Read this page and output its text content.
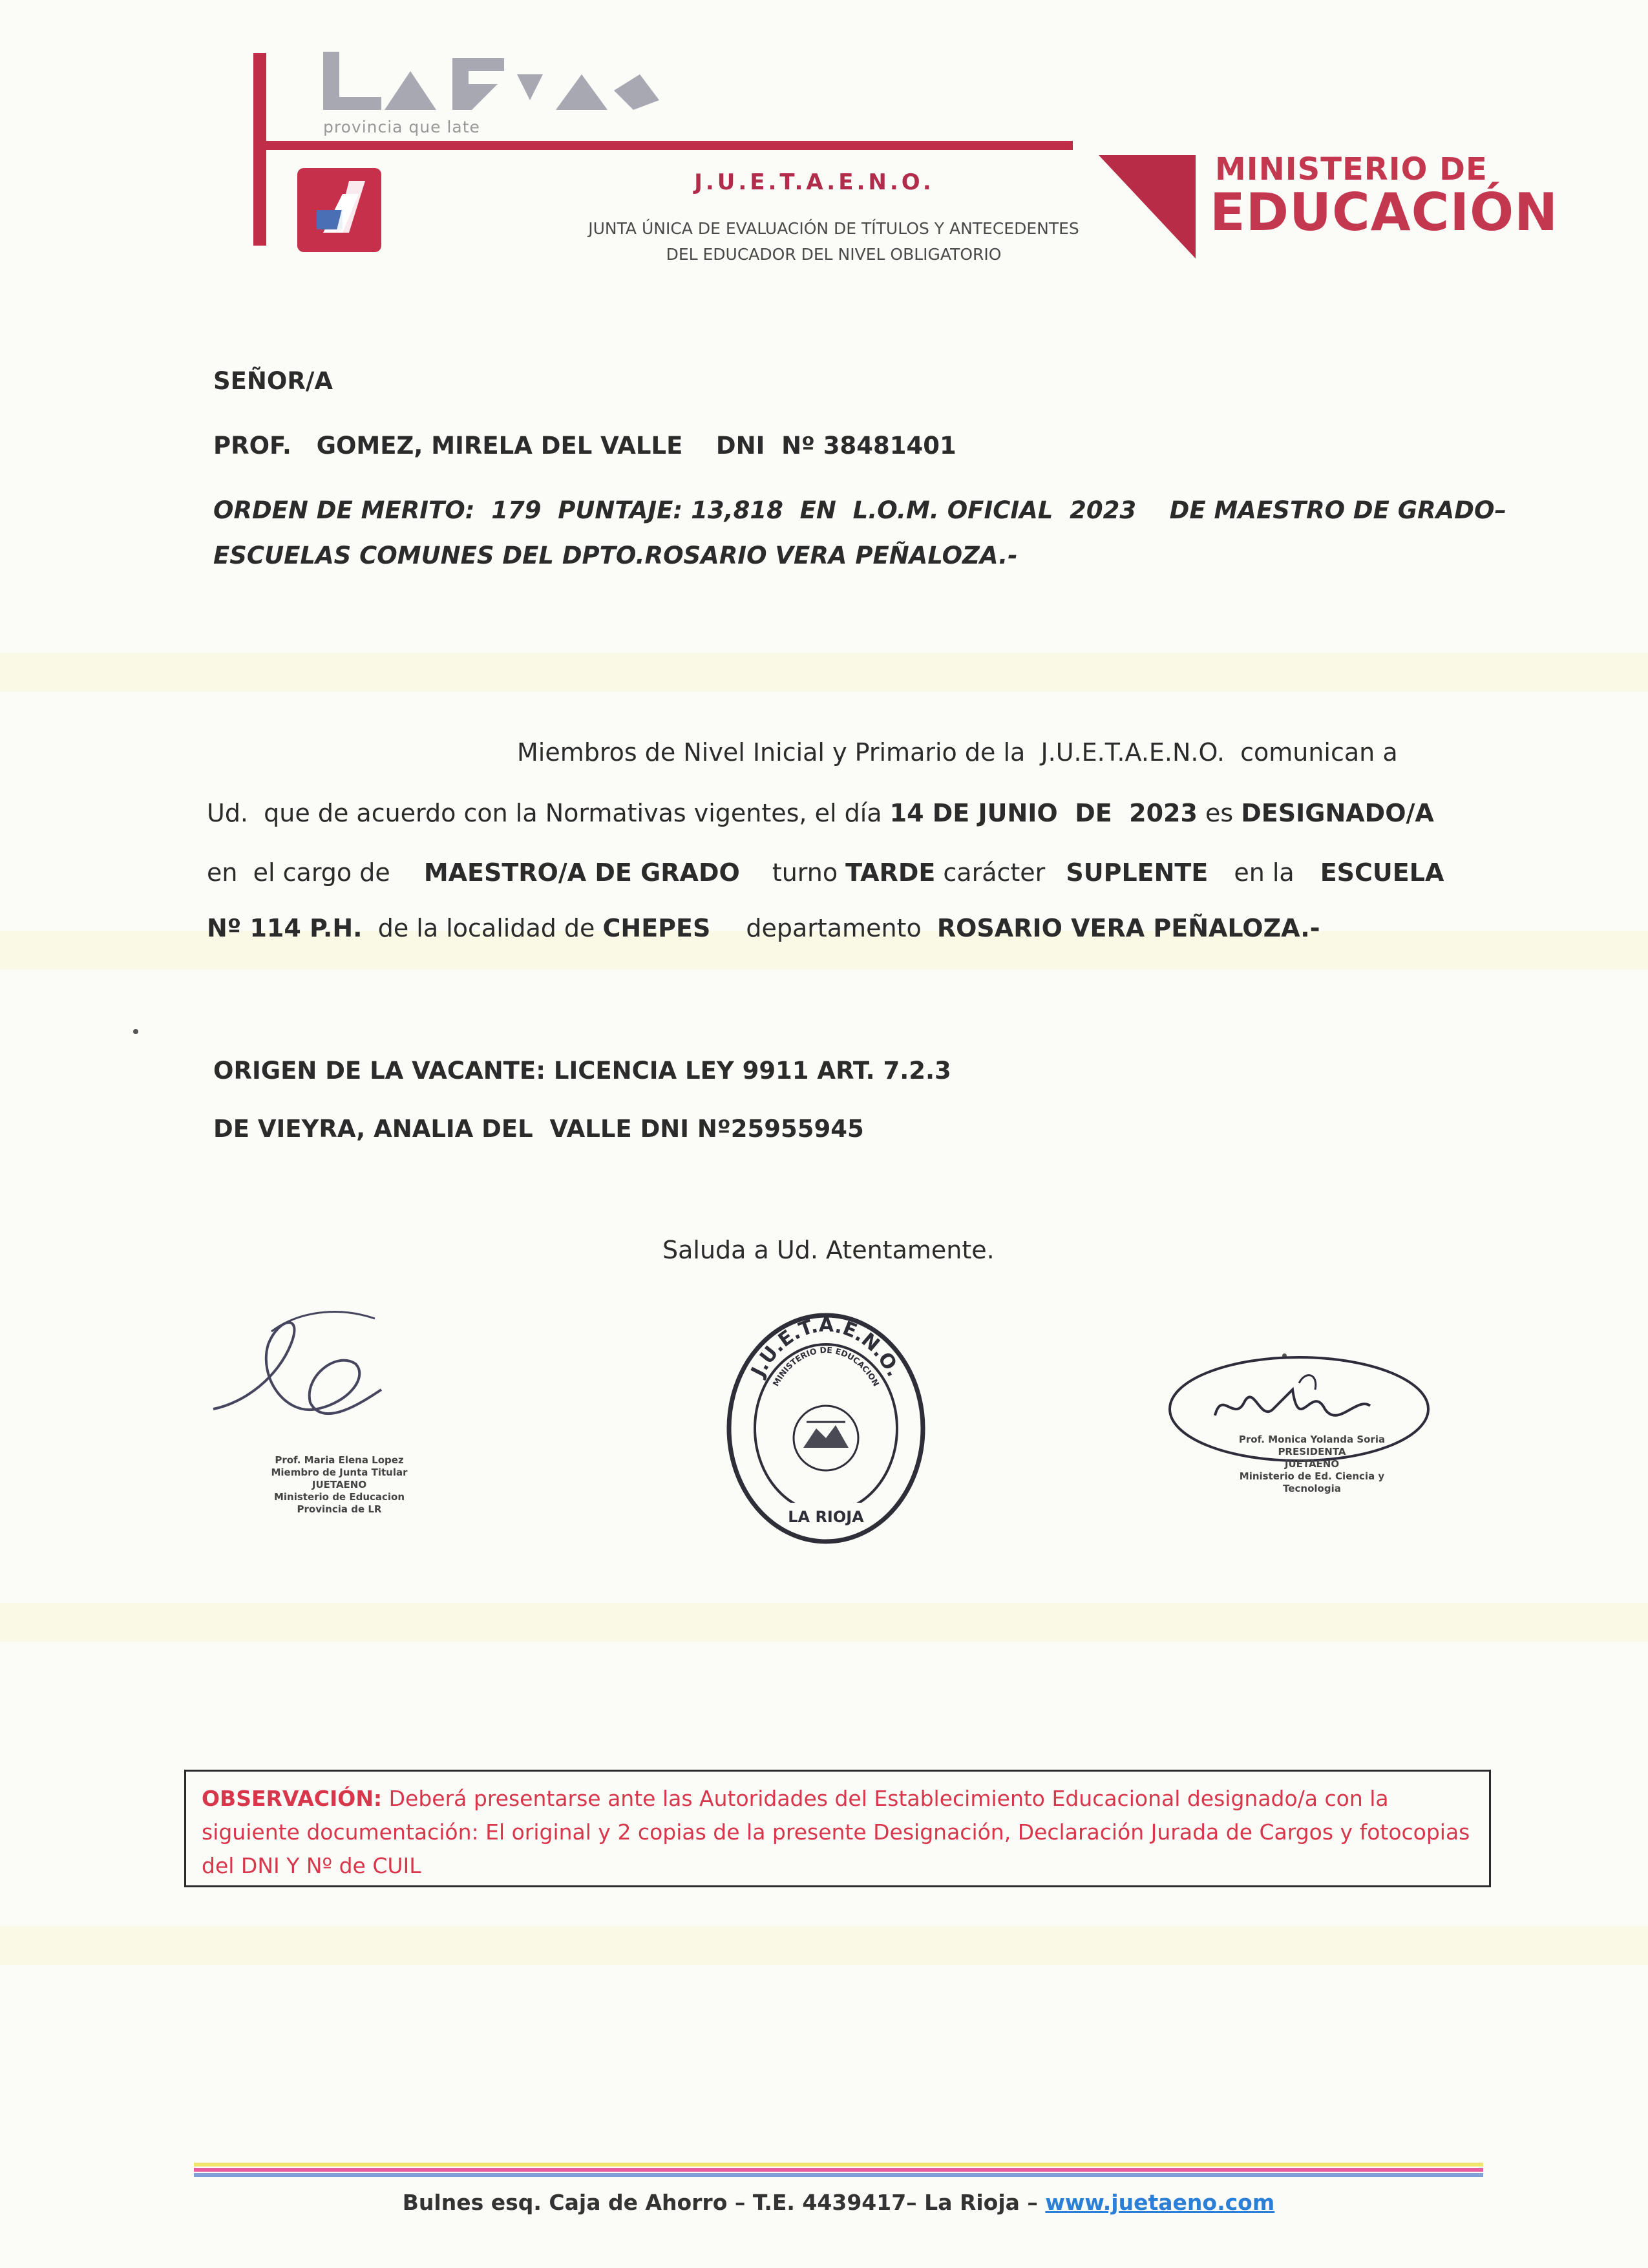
provincia que late
J.U.E.T.A.E.N.O.
JUNTA ÚNICA DE EVALUACIÓN DE TÍTULOS Y ANTECEDENTES
DEL EDUCADOR DEL NIVEL OBLIGATORIO
MINISTERIO DE
EDUCACIÓN
SEÑOR/A
PROF.   GOMEZ, MIRELA DEL VALLE    DNI  Nº 38481401
ORDEN DE MERITO:  179  PUNTAJE: 13,818  EN  L.O.M. OFICIAL  2023    DE MAESTRO DE GRADO–
ESCUELAS COMUNES DEL DPTO.ROSARIO VERA PEÑALOZA.-
Miembros de Nivel Inicial y Primario de la  J.U.E.T.A.E.N.O.  comunican a
Ud.  que de acuerdo con la Normativas vigentes, el día 14 DE JUNIO  DE  2023 es DESIGNADO/A
en  el cargo de MAESTRO/A DE GRADO turno TARDE carácter SUPLENTE en la ESCUELA
Nº 114 P.H.  de la localidad de CHEPES departamento  ROSARIO VERA PEÑALOZA.-
ORIGEN DE LA VACANTE: LICENCIA LEY 9911 ART. 7.2.3
DE VIEYRA, ANALIA DEL  VALLE DNI Nº25955945
Saluda a Ud. Atentamente.
Prof. Maria Elena Lopez
Miembro de Junta Titular
JUETAENO
Ministerio de Educacion
Provincia de LR
J.U.E.T.A.E.N.O.
MINISTERIO DE EDUCACION
LA RIOJA
Prof. Monica Yolanda Soria
PRESIDENTA
JUETAENO
Ministerio de Ed. Ciencia y Tecnologia
OBSERVACIÓN: Deberá presentarse ante las Autoridades del Establecimiento Educacional designado/a con la siguiente documentación: El original y 2 copias de la presente Designación, Declaración Jurada de Cargos y fotocopias del DNI Y Nº de CUIL
Bulnes esq. Caja de Ahorro – T.E. 4439417– La Rioja – www.juetaeno.com
